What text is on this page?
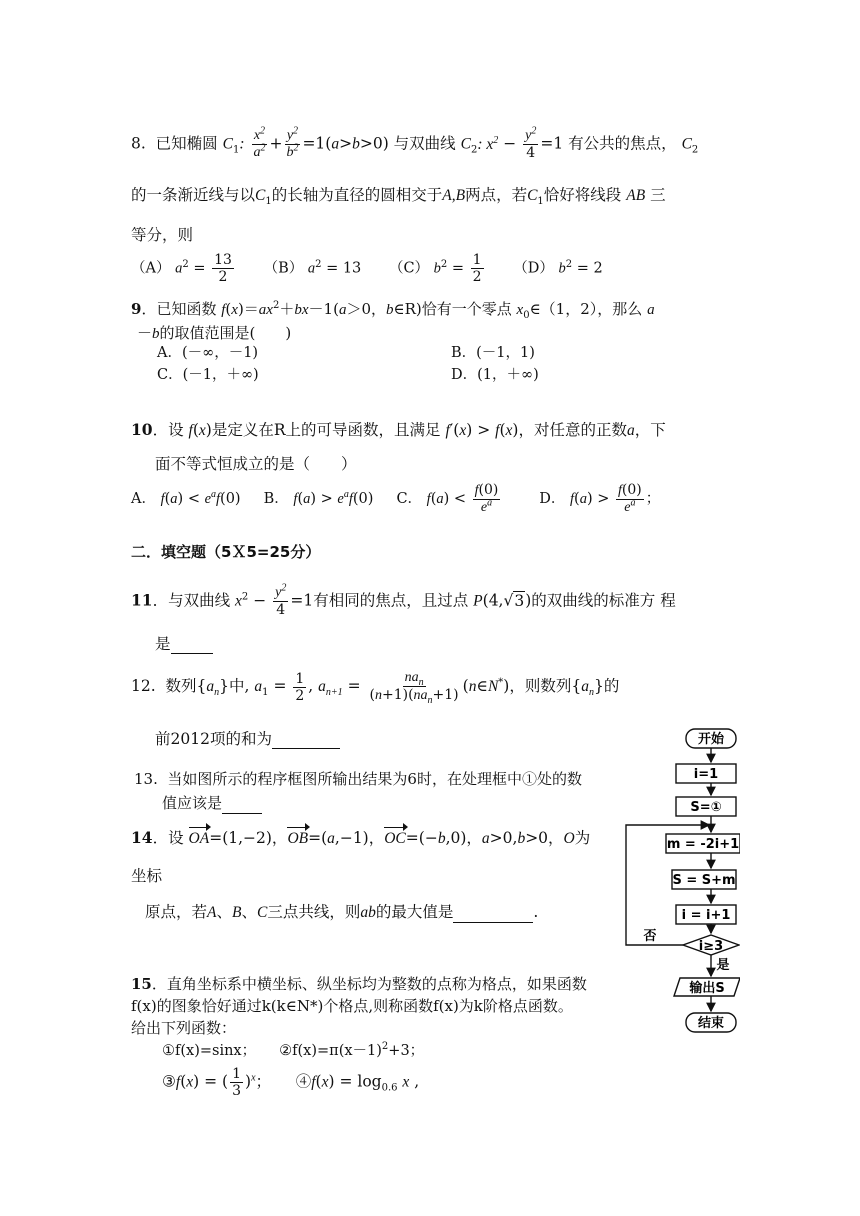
8. 已知椭圆 $C_1$: $\frac{x^2}{a^2} + \frac{y^2}{b^2} =1(a>b>0)$ 与双曲线 $C_2$: $x^2 - \frac{y^2}{4} =1$ 有公共的焦点， $C_2$
的一条渐近线与以$C_1$的长轴为直径的圆相交于A,B两点，若$C_1$恰好将线段 AB 三
等分，则
（A） $a^2 = \frac{13}{2} (B) a^2 = 13$      （C） $b^2 = \frac{1}{2} (D) b^2 = 2$
9．已知函数 $f(x)=ax^2+bx-1(a>0$，b∈R)恰有一个零点 $x_0\in(1$，2），那么 a
－b的取值范围是(　　)
A．(－∞，－1)	B．(－1，1)
C．(－1，＋∞)	D．(1，＋∞)
10．设 f(x)是定义在R上的可导函数，且满足 f′(x) > f(x)，对任意的正数a，下
面不等式恒成立的是（　　）
A． $f(a) < e^af(0)$     B． $f(a) > e^af(0)$     C． $f(a) < \frac{f(0)}{e^a}$	D． $f(a) > \frac{f(0)}{e^a}$ ；
二．填空题（5Ｘ5=25分）
11．与双曲线 $x^2 - \frac{y^2}{4} =1$有相同的焦点，且过点 P(4,√3)的双曲线的标准方 程
是
12. 数列$\{a_n\}$中, $a_1 = \frac{1}{2}$ , $a_{n+1} = \frac{na_n}{(n+1)(na_n+1)}$ (n∈N*)，则数列$\{a_n\}$的
前2012项的和为
13. 当如图所示的程序框图所输出结果为6时，在处理框中①处的数
值应该是
14．设 OA=(1,−2)，OB=(a,−1)，OC=(−b,0)，a>0,b>0，O为
坐标
原点，若A、B、C三点共线，则ab的最大值是	.
15．直角坐标系中横坐标、纵坐标均为整数的点称为格点，如果函数
f(x)的图象恰好通过k(k∈N*)个格点,则称函数f(x)为k阶格点函数。
给出下列函数：
①f(x)=sinx； $②f(x)=\pi(x-1)^2+3$；
③f(x) = ( $\frac{1}{3} )^x$；     ④f(x) = $\log_{0.6} x$ ,
开始
i=1
S=①
m = -2i+1
S = S+m
i = i+1
i≥3
否
是
输出S
结束
